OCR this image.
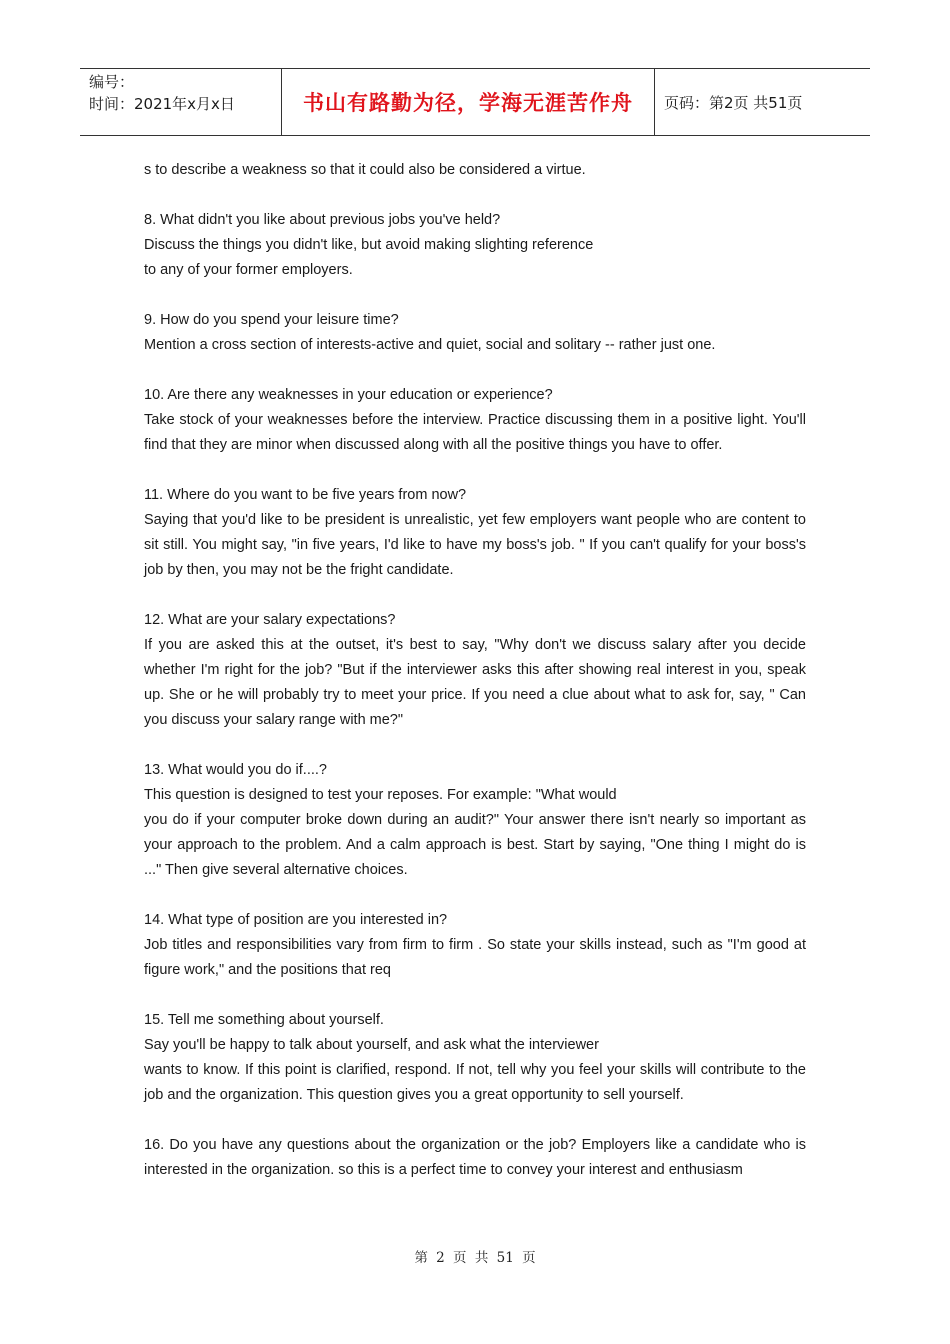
编号：
时间：2021年x月x日	书山有路勤为径，学海无涯苦作舟	页码：第2页 共51页

s to describe a weakness so that it could also be considered a virtue.

8. What didn't you like about previous jobs you've held?
Discuss the things you didn't like, but avoid making slighting reference
to any of your former employers.

9. How do you spend your leisure time?
Mention a cross section of interests-active and quiet, social and solitary -- rather just one.

10. Are there any weaknesses in your education or experience?
Take stock of your weaknesses before the interview. Practice discussing them in a positive light. You'll find that they are minor when discussed along with all the positive things you have to offer.

11. Where do you want to be five years from now?
Saying that you'd like to be president is unrealistic, yet few employers want people who are content to sit still. You might say, "in five years, I'd like to have my boss's job. " If you can't qualify for your boss's job by then, you may not be the fright candidate.

12. What are your salary expectations?
If you are asked this at the outset, it's best to say, "Why don't we discuss salary after you decide whether I'm right for the job? "But if the interviewer asks this after showing real interest in you, speak up. She or he will probably try to meet your price. If you need a clue about what to ask for, say, " Can you discuss your salary range with me?"

13. What would you do if....?
This question is designed to test your reposes. For example: "What would
you do if your computer broke down during an audit?" Your answer there isn't nearly so important as your approach to the problem. And a calm approach is best. Start by saying, "One thing I might do is ..." Then give several alternative choices.

14. What type of position are you interested in?
Job titles and responsibilities vary from firm to firm . So state your skills instead, such as "I'm good at figure work," and the positions that req

15. Tell me something about yourself.
Say you'll be happy to talk about yourself, and ask what the interviewer
wants to know. If this point is clarified, respond. If not, tell why you feel your skills will contribute to the job and the organization. This question gives you a great opportunity to sell yourself.

16. Do you have any questions about the organization or the job? Employers like a candidate who is interested in the organization. so this is a perfect time to convey your interest and enthusiasm

第 2 页 共 51 页
